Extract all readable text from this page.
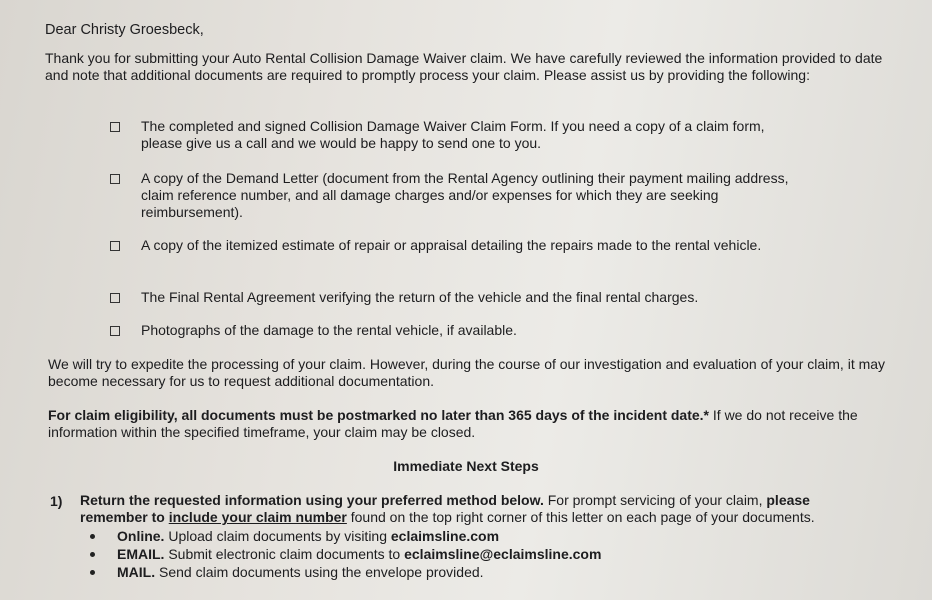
Dear Christy Groesbeck,

Thank you for submitting your Auto Rental Collision Damage Waiver claim. We have carefully reviewed the information provided to date and note that additional documents are required to promptly process your claim. Please assist us by providing the following:

The completed and signed Collision Damage Waiver Claim Form. If you need a copy of a claim form, please give us a call and we would be happy to send one to you.
A copy of the Demand Letter (document from the Rental Agency outlining their payment mailing address, claim reference number, and all damage charges and/or expenses for which they are seeking reimbursement).
A copy of the itemized estimate of repair or appraisal detailing the repairs made to the rental vehicle.
The Final Rental Agreement verifying the return of the vehicle and the final rental charges.
Photographs of the damage to the rental vehicle, if available.
We will try to expedite the processing of your claim. However, during the course of our investigation and evaluation of your claim, it may become necessary for us to request additional documentation.
For claim eligibility, all documents must be postmarked no later than 365 days of the incident date.* If we do not receive the information within the specified timeframe, your claim may be closed.
Immediate Next Steps
1) Return the requested information using your preferred method below. For prompt servicing of your claim, please remember to include your claim number found on the top right corner of this letter on each page of your documents.
Online. Upload claim documents by visiting eclaimsline.com
EMAIL. Submit electronic claim documents to eclaimsline@eclaimsline.com
MAIL. Send claim documents using the envelope provided.
